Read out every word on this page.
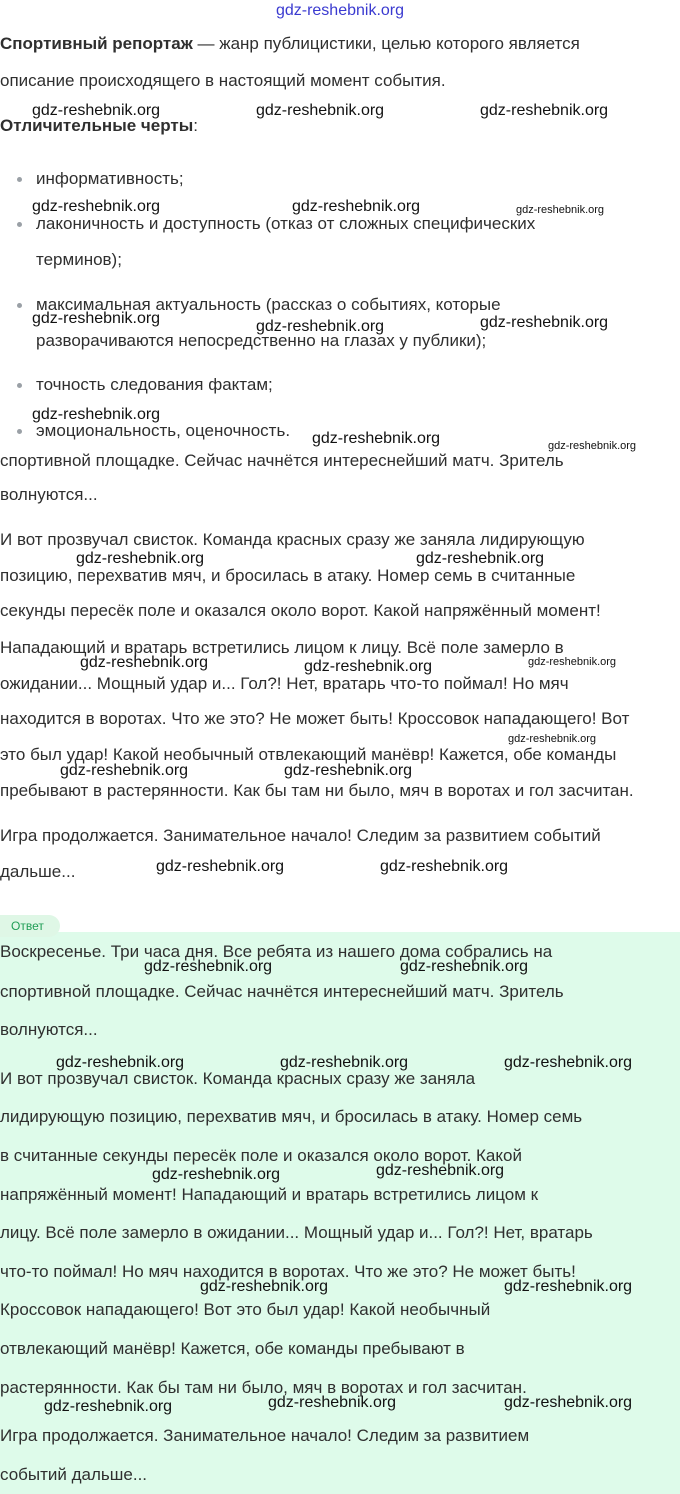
gdz-reshebnik.org
Спортивный репортаж — жанр публицистики, целью которого является
описание происходящего в настоящий момент события.
Отличительные черты:
информативность;
лаконичность и доступность (отказ от сложных специфических
терминов);
максимальная актуальность (рассказ о событиях, которые
разворачиваются непосредственно на глазах у публики);
точность следования фактам;
эмоциональность, оценочность.
спортивной площадке. Сейчас начнётся интереснейший матч. Зритель
волнуются...
И вот прозвучал свисток. Команда красных сразу же заняла лидирующую
позицию, перехватив мяч, и бросилась в атаку. Номер семь в считанные
секунды пересёк поле и оказался около ворот. Какой напряжённый момент!
Нападающий и вратарь встретились лицом к лицу. Всё поле замерло в
ожидании... Мощный удар и... Гол?! Нет, вратарь что-то поймал! Но мяч
находится в воротах. Что же это? Не может быть! Кроссовок нападающего! Вот
это был удар! Какой необычный отвлекающий манёвр! Кажется, обе команды
пребывают в растерянности. Как бы там ни было, мяч в воротах и гол засчитан.
Игра продолжается. Занимательное начало! Следим за развитием событий
дальше...
Ответ
Воскресенье. Три часа дня. Все ребята из нашего дома собрались на
спортивной площадке. Сейчас начнётся интереснейший матч. Зритель
волнуются...
И вот прозвучал свисток. Команда красных сразу же заняла
лидирующую позицию, перехватив мяч, и бросилась в атаку. Номер семь
в считанные секунды пересёк поле и оказался около ворот. Какой
напряжённый момент! Нападающий и вратарь встретились лицом к
лицу. Всё поле замерло в ожидании... Мощный удар и... Гол?! Нет, вратарь
что-то поймал! Но мяч находится в воротах. Что же это? Не может быть!
Кроссовок нападающего! Вот это был удар! Какой необычный
отвлекающий манёвр! Кажется, обе команды пребывают в
растерянности. Как бы там ни было, мяч в воротах и гол засчитан.
Игра продолжается. Занимательное начало! Следим за развитием
событий дальше...
gdz-reshebnik.org	gdz-reshebnik.org	gdz-reshebnik.org
gdz-reshebnik.org	gdz-reshebnik.org	gdz-reshebnik.org
gdz-reshebnik.org	gdz-reshebnik.org	gdz-reshebnik.org
gdz-reshebnik.org
gdz-reshebnik.org	gdz-reshebnik.org
gdz-reshebnik.org	gdz-reshebnik.org
gdz-reshebnik.org	gdz-reshebnik.org	gdz-reshebnik.org
gdz-reshebnik.org	gdz-reshebnik.org
gdz-reshebnik.org
gdz-reshebnik.org	gdz-reshebnik.org
gdz-reshebnik.org	gdz-reshebnik.org
gdz-reshebnik.org	gdz-reshebnik.org	gdz-reshebnik.org
gdz-reshebnik.org	gdz-reshebnik.org
gdz-reshebnik.org	gdz-reshebnik.org
gdz-reshebnik.org	gdz-reshebnik.org	gdz-reshebnik.org
